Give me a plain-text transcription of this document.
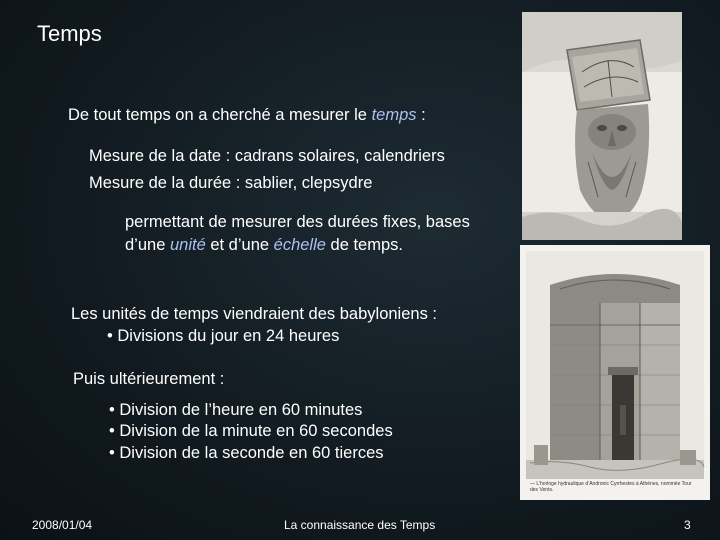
Temps
De tout temps on a cherché a mesurer le temps :
Mesure de la date : cadrans solaires, calendriers
Mesure de la durée : sablier, clepsydre
permettant de mesurer des durées fixes, bases
d’une unité et d’une échelle de temps.
Les unités de temps viendraient des babyloniens :
• Divisions du jour en 24 heures
Puis ultérieurement :
• Division de l’heure en 60 minutes
• Division de la minute en 60 secondes
• Division de la seconde en 60 tierces
— L’horloge hydraulique d’Andronic Cyrrhestes à Athènes, nommée Tour des Vents.
2008/01/04	La connaissance des Temps	3
